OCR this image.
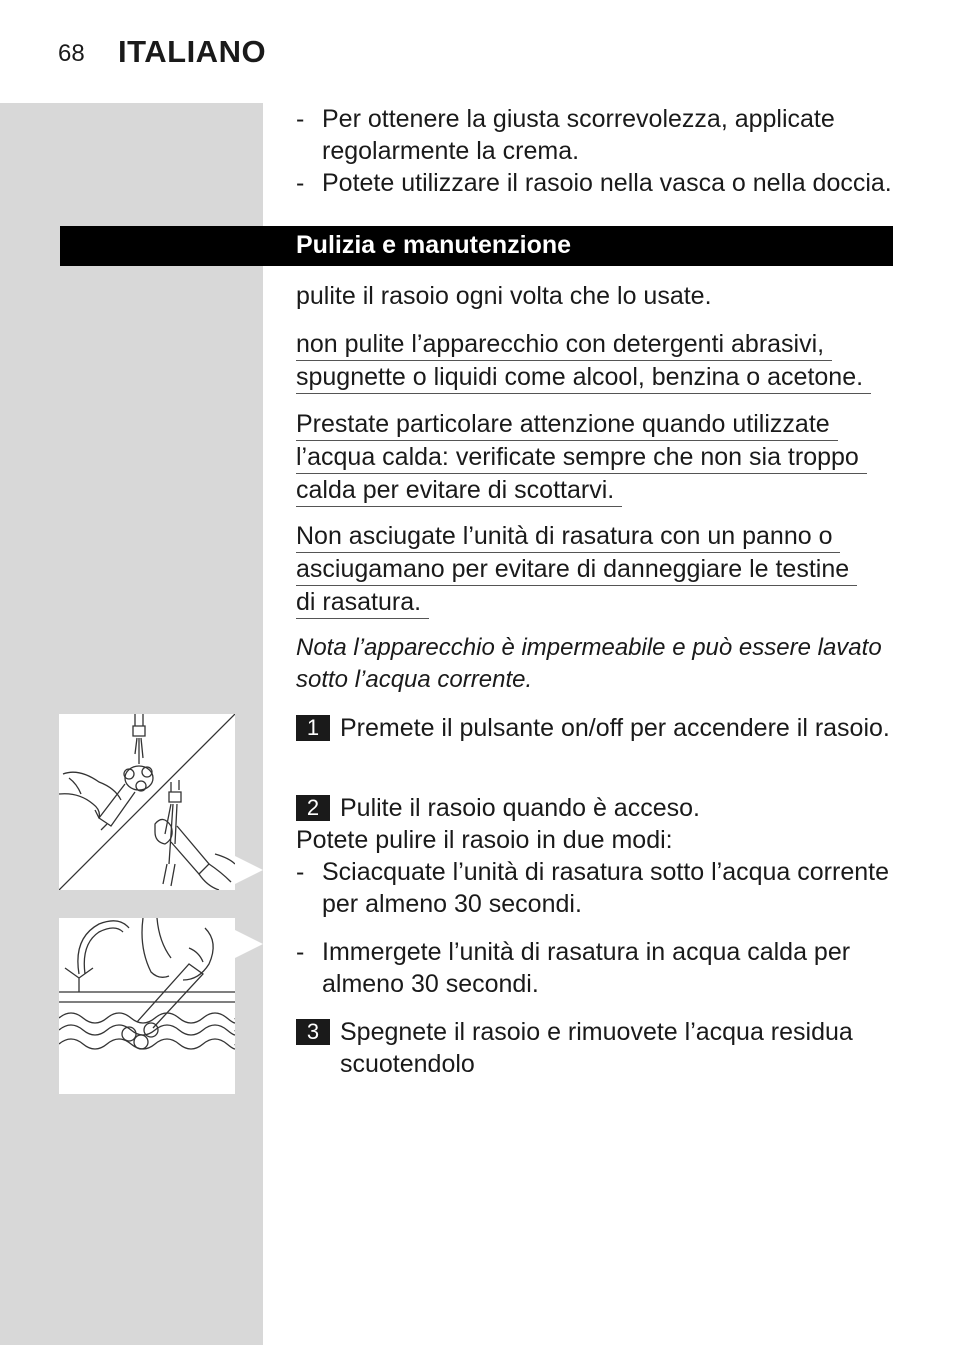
68 ITALIANO
- Per ottenere la giusta scorrevolezza, applicate regolarmente la crema.
- Potete utilizzare il rasoio nella vasca o nella doccia.
Pulizia e manutenzione
pulite il rasoio ogni volta che lo usate.
non pulite l’apparecchio con detergenti abrasivi,
spugnette o liquidi come alcool, benzina o acetone.
Prestate particolare attenzione quando utilizzate
l’acqua calda: verificate sempre che non sia troppo
calda per evitare di scottarvi.
Non asciugate l’unità di rasatura con un panno o
asciugamano per evitare di danneggiare le testine
di rasatura.
Nota l’apparecchio è impermeabile e può essere lavato sotto l’acqua corrente.
1 Premete il pulsante on/off per accendere il rasoio.
2 Pulite il rasoio quando è acceso.
Potete pulire il rasoio in due modi:
- Sciacquate l’unità di rasatura sotto l’acqua corrente per almeno 30 secondi.
- Immergete l’unità di rasatura in acqua calda per almeno 30 secondi.
3 Spegnete il rasoio e rimuovete l’acqua residua scuotendolo
